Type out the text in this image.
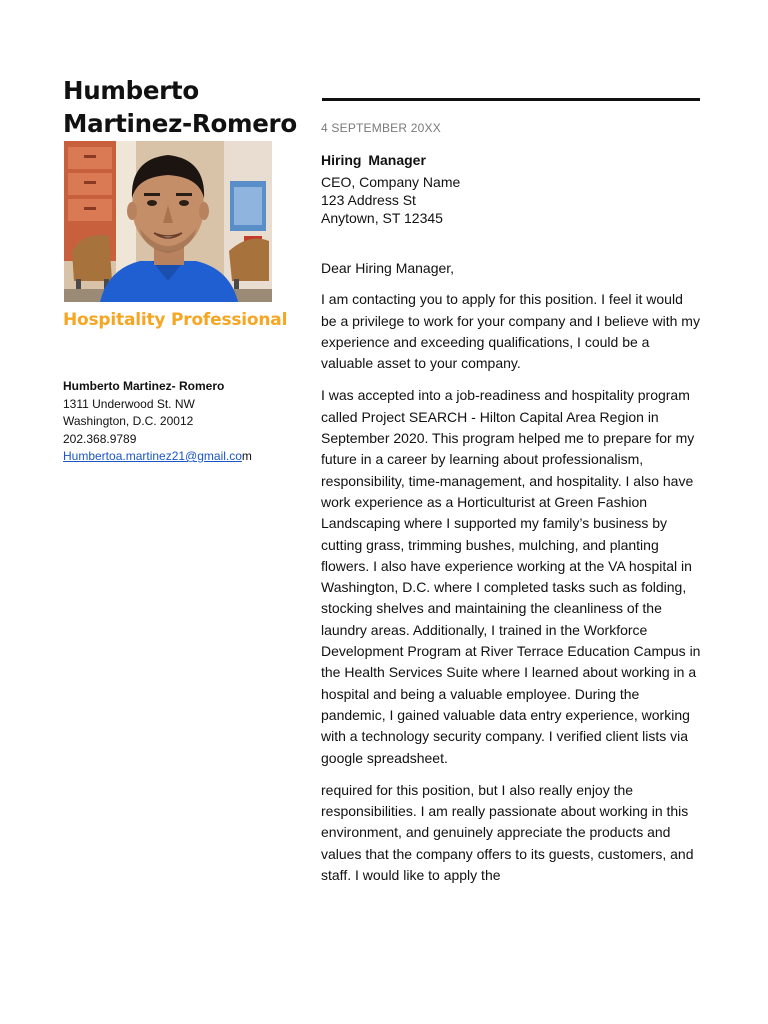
Humberto
Martinez-Romero	4 SEPTEMBER 20XX
Hospitality Professional
Humberto Martinez- Romero
1311 Underwood St. NW
Washington, D.C. 20012
202.368.9789
Humbertoa.martinez21@gmail.com
Hiring Manager
CEO, Company Name
123 Address St
Anytown, ST 12345

Dear Hiring Manager,

I am contacting you to apply for this position. I feel it would be a privilege to work for your company and I believe with my experience and exceeding qualifications, I could be a valuable asset to your company.

I was accepted into a job-readiness and hospitality program called Project SEARCH - Hilton Capital Area Region in September 2020. This program helped me to prepare for my future in a career by learning about professionalism, responsibility, time-management, and hospitality. I also have work experience as a Horticulturist at Green Fashion Landscaping where I supported my family’s business by cutting grass, trimming bushes, mulching, and planting flowers. I also have experience working at the VA hospital in Washington, D.C. where I completed tasks such as folding, stocking shelves and maintaining the cleanliness of the laundry areas. Additionally, I trained in the Workforce Development Program at River Terrace Education Campus in the Health Services Suite where I learned about working in a hospital and being a valuable employee. During the pandemic, I gained valuable data entry experience, working with a technology security company. I verified client lists via google spreadsheet.

required for this position, but I also really enjoy the responsibilities. I am really passionate about working in this environment, and genuinely appreciate the products and values that the company offers to its guests, customers, and staff. I would like to apply the
